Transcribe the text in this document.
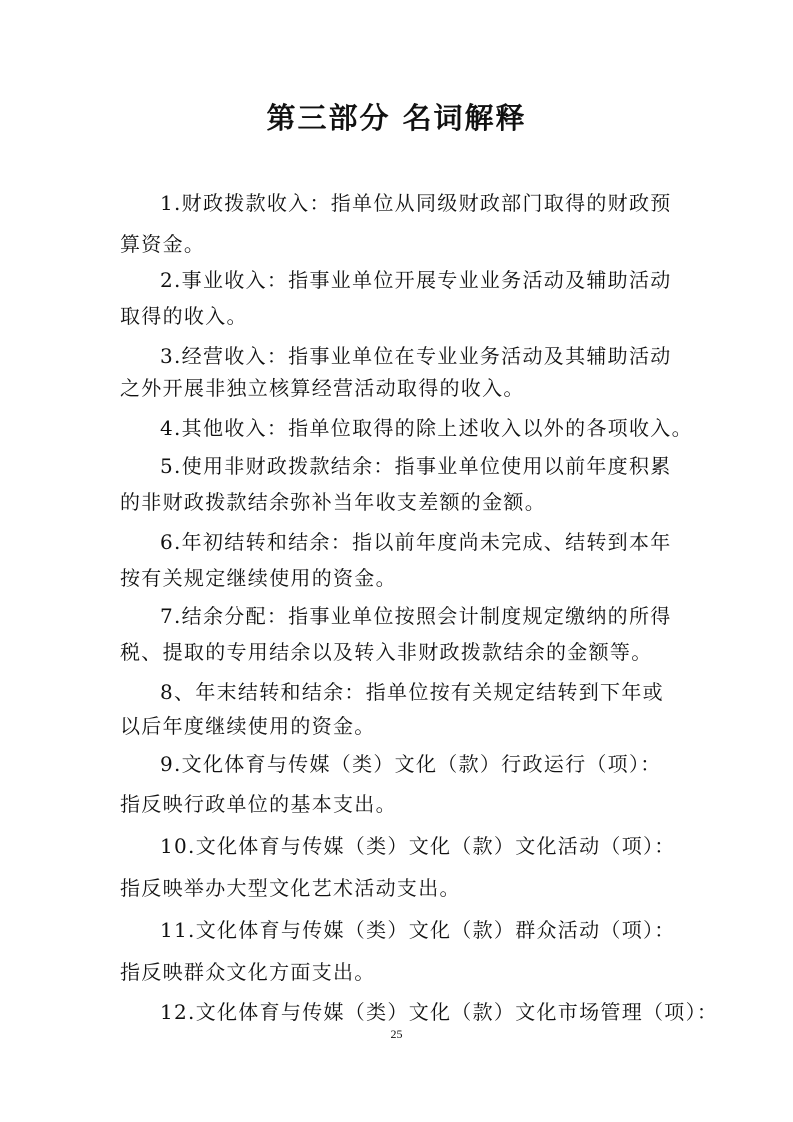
第三部分 名词解释

1.财政拨款收入：指单位从同级财政部门取得的财政预

算资金。

2.事业收入：指事业单位开展专业业务活动及辅助活动

取得的收入。

3.经营收入：指事业单位在专业业务活动及其辅助活动

之外开展非独立核算经营活动取得的收入。

4.其他收入：指单位取得的除上述收入以外的各项收入。

5.使用非财政拨款结余：指事业单位使用以前年度积累

的非财政拨款结余弥补当年收支差额的金额。

6.年初结转和结余：指以前年度尚未完成、结转到本年

按有关规定继续使用的资金。

7.结余分配：指事业单位按照会计制度规定缴纳的所得

税、提取的专用结余以及转入非财政拨款结余的金额等。

8、年末结转和结余：指单位按有关规定结转到下年或

以后年度继续使用的资金。

9.文化体育与传媒（类）文化（款）行政运行（项）：

指反映行政单位的基本支出。

10.文化体育与传媒（类）文化（款）文化活动（项）：

指反映举办大型文化艺术活动支出。

11.文化体育与传媒（类）文化（款）群众活动（项）：

指反映群众文化方面支出。

12.文化体育与传媒（类）文化（款）文化市场管理（项）：

25
